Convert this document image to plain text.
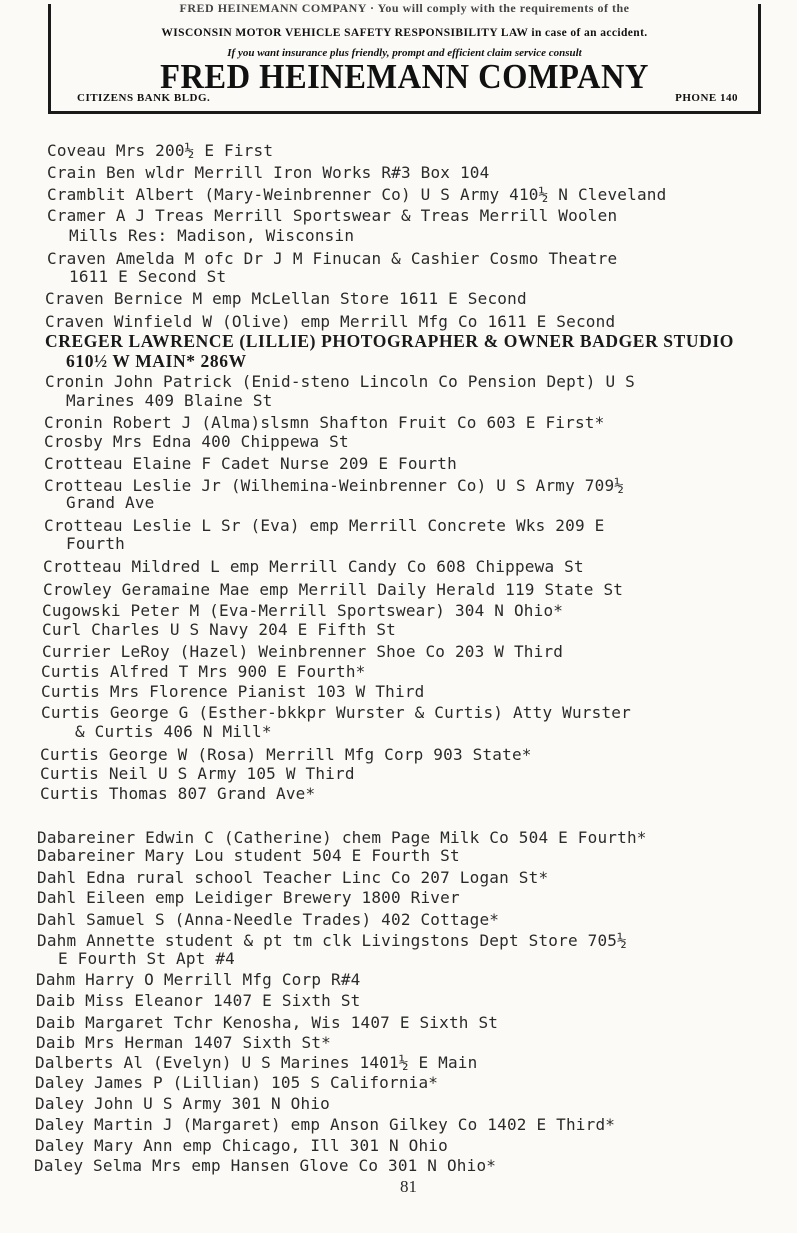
FRED HEINEMANN COMPANY · You will comply with the requirements of the
WISCONSIN MOTOR VEHICLE SAFETY RESPONSIBILITY LAW in case of an accident.
If you want insurance plus friendly, prompt and efficient claim service consult
FRED HEINEMANN COMPANY
CITIZENS BANK BLDG.	PHONE 140
Coveau Mrs 200½ E First
Crain Ben wldr Merrill Iron Works R#3 Box 104
Cramblit Albert (Mary-Weinbrenner Co) U S Army 410½ N Cleveland
Cramer A J Treas Merrill Sportswear & Treas Merrill Woolen
Mills Res: Madison, Wisconsin
Craven Amelda M ofc Dr J M Finucan & Cashier Cosmo Theatre
1611 E Second St
Craven Bernice M emp McLellan Store 1611 E Second
Craven Winfield W (Olive) emp Merrill Mfg Co 1611 E Second
CREGER LAWRENCE (LILLIE) PHOTOGRAPHER & OWNER BADGER STUDIO
610½ W MAIN* 286W
Cronin John Patrick (Enid-steno Lincoln Co Pension Dept) U S
Marines 409 Blaine St
Cronin Robert J (Alma)slsmn Shafton Fruit Co 603 E First*
Crosby Mrs Edna 400 Chippewa St
Crotteau Elaine F Cadet Nurse 209 E Fourth
Crotteau Leslie Jr (Wilhemina-Weinbrenner Co) U S Army 709½
Grand Ave
Crotteau Leslie L Sr (Eva) emp Merrill Concrete Wks 209 E
Fourth
Crotteau Mildred L emp Merrill Candy Co 608 Chippewa St
Crowley Geramaine Mae emp Merrill Daily Herald 119 State St
Cugowski Peter M (Eva-Merrill Sportswear) 304 N Ohio*
Curl Charles U S Navy 204 E Fifth St
Currier LeRoy (Hazel) Weinbrenner Shoe Co 203 W Third
Curtis Alfred T Mrs 900 E Fourth*
Curtis Mrs Florence Pianist 103 W Third
Curtis George G (Esther-bkkpr Wurster & Curtis) Atty Wurster
& Curtis 406 N Mill*
Curtis George W (Rosa) Merrill Mfg Corp 903 State*
Curtis Neil U S Army 105 W Third
Curtis Thomas 807 Grand Ave*
Dabareiner Edwin C (Catherine) chem Page Milk Co 504 E Fourth*
Dabareiner Mary Lou student 504 E Fourth St
Dahl Edna rural school Teacher Linc Co 207 Logan St*
Dahl Eileen emp Leidiger Brewery 1800 River
Dahl Samuel S (Anna-Needle Trades) 402 Cottage*
Dahm Annette student & pt tm clk Livingstons Dept Store 705½
E Fourth St Apt #4
Dahm Harry O Merrill Mfg Corp R#4
Daib Miss Eleanor 1407 E Sixth St
Daib Margaret Tchr Kenosha, Wis 1407 E Sixth St
Daib Mrs Herman 1407 Sixth St*
Dalberts Al (Evelyn) U S Marines 1401½ E Main
Daley James P (Lillian) 105 S California*
Daley John U S Army 301 N Ohio
Daley Martin J (Margaret) emp Anson Gilkey Co 1402 E Third*
Daley Mary Ann emp Chicago, Ill 301 N Ohio
Daley Selma Mrs emp Hansen Glove Co 301 N Ohio*
81
